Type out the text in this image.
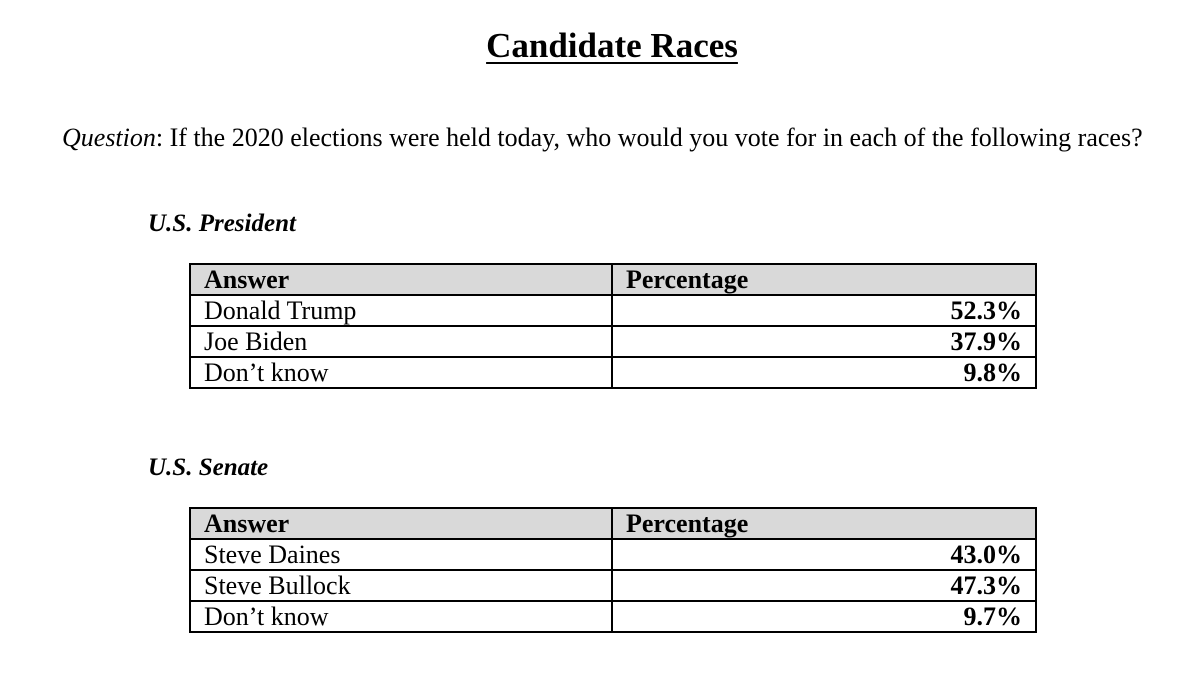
Candidate Races
Question: If the 2020 elections were held today, who would you vote for in each of the following races?
U.S. President
Answer	Percentage
Donald Trump	52.3%
Joe Biden	37.9%
Don’t know	9.8%
U.S. Senate
Answer	Percentage
Steve Daines	43.0%
Steve Bullock	47.3%
Don’t know	9.7%
